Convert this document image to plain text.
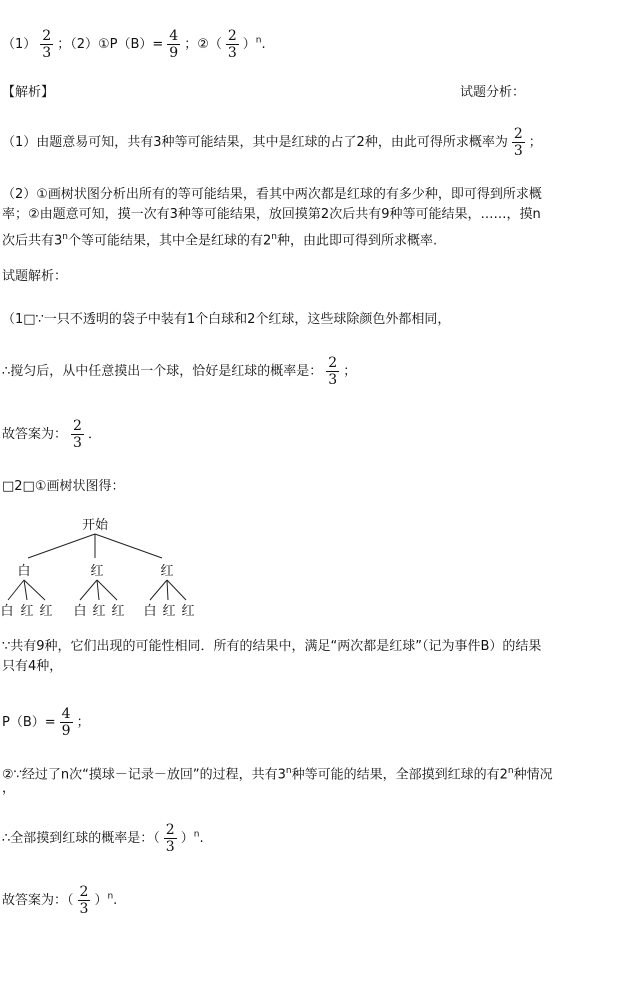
$(1) \frac{2}{3}$ ；（2）①P（B）= $\frac{4}{9}$ ；②（ $\frac{2}{3} )^n$.
【解析】	试题分析：
（1）由题意易可知，共有3种等可能结果，其中是红球的占了2种，由此可得所求概率为 $\frac{2}{3}$ ；
（2）①画树状图分析出所有的等可能结果，看其中两次都是红球的有多少种，即可得到所求概
率；②由题意可知，摸一次有3种等可能结果，放回摸第2次后共有9种等可能结果，……，摸n
次后共有3$^n$个等可能结果，其中全是红球的有2$^n$种，由此即可得到所求概率.
试题解析：
（1□∵一只不透明的袋子中装有1个白球和2个红球，这些球除颜色外都相同，
∴搅匀后，从中任意摸出一个球，恰好是红球的概率是： $\frac{2}{3}$ ；
故答案为： $\frac{2}{3}$ ．
□2□①画树状图得：
开始
白	红	红
白 红 红 白 红 红 白 红 红
∵共有9种，它们出现的可能性相同．所有的结果中，满足“两次都是红球”（记为事件B）的结果
只有4种，
$P(B)= \frac{4}{9}$ ；
②∵经过了n次“摸球－记录－放回”的过程，共有3$^n$种等可能的结果，全部摸到红球的有2$^n$种情况
，
∴全部摸到红球的概率是：（ $\frac{2}{3} )^n$.
故答案为：（ $\frac{2}{3} )^n$.
